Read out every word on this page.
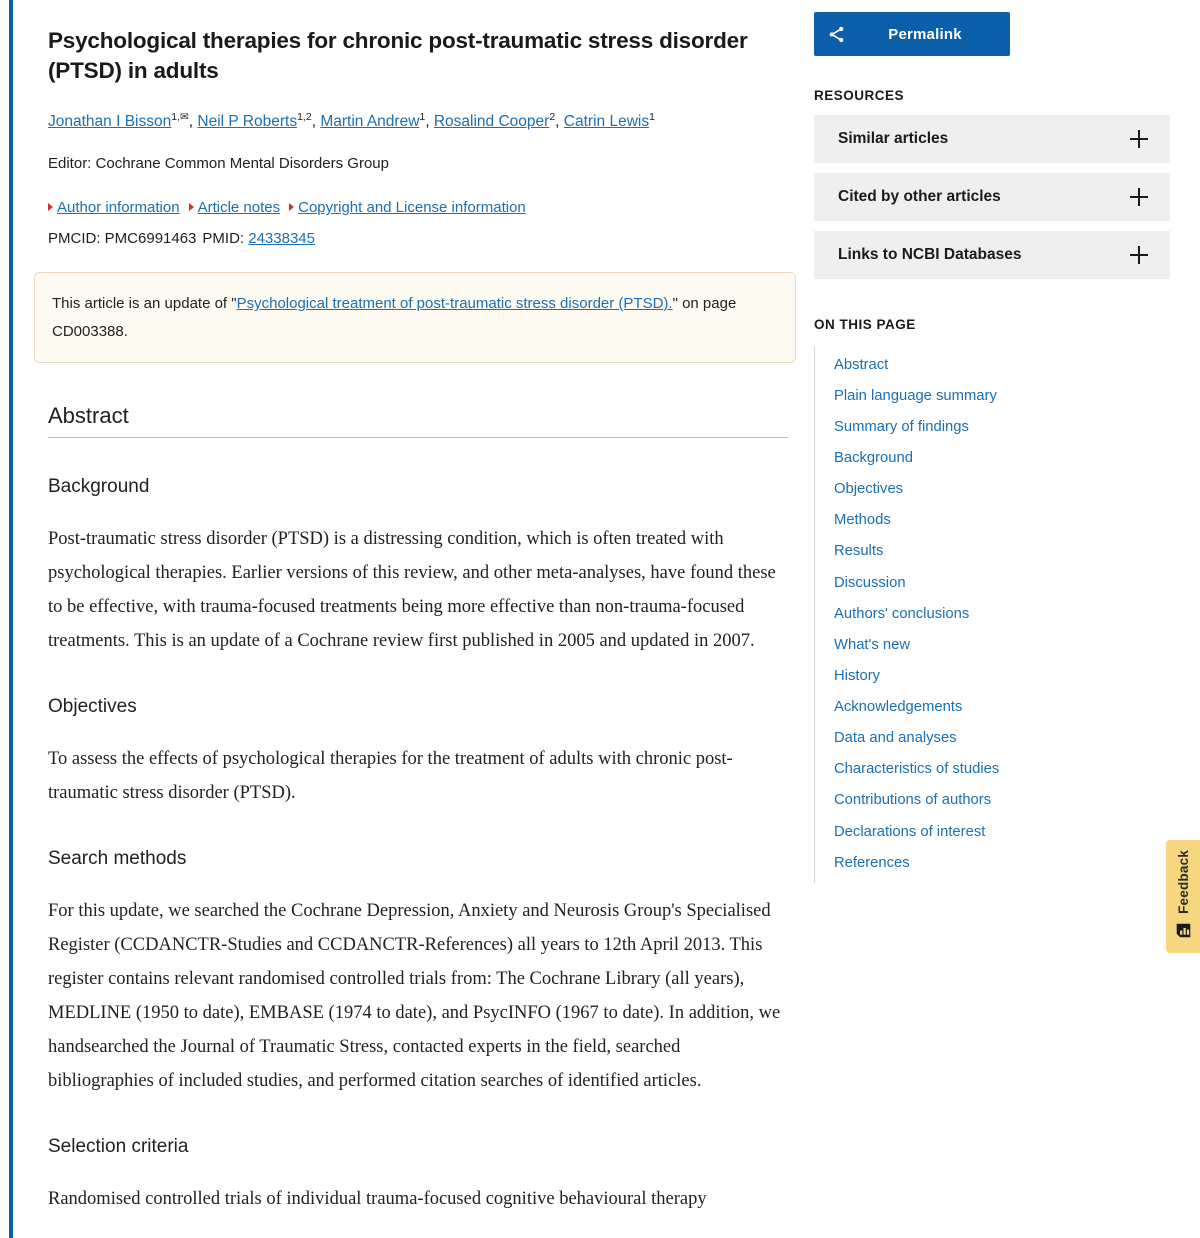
Psychological therapies for chronic post-traumatic stress disorder (PTSD) in adults
Jonathan I Bisson$^{1,✉}$, Neil P Roberts$^{1,2}$, Martin Andrew$^1$, Rosalind Cooper$^2$, Catrin Lewis$^1$
Editor: Cochrane Common Mental Disorders Group
Author information Article notes Copyright and License information
PMCID: PMC6991463 PMID: 24338345
This article is an update of "Psychological treatment of post-traumatic stress disorder (PTSD)." on page CD003388.
Abstract
Background

Post-traumatic stress disorder (PTSD) is a distressing condition, which is often treated with psychological therapies. Earlier versions of this review, and other meta-analyses, have found these to be effective, with trauma-focused treatments being more effective than non-trauma-focused treatments. This is an update of a Cochrane review first published in 2005 and updated in 2007.

Objectives

To assess the effects of psychological therapies for the treatment of adults with chronic post-traumatic stress disorder (PTSD).

Search methods

For this update, we searched the Cochrane Depression, Anxiety and Neurosis Group's Specialised Register (CCDANCTR-Studies and CCDANCTR-References) all years to 12th April 2013. This register contains relevant randomised controlled trials from: The Cochrane Library (all years), MEDLINE (1950 to date), EMBASE (1974 to date), and PsycINFO (1967 to date). In addition, we handsearched the Journal of Traumatic Stress, contacted experts in the field, searched bibliographies of included studies, and performed citation searches of identified articles.

Selection criteria

Randomised controlled trials of individual trauma-focused cognitive behavioural therapy

Permalink
RESOURCES
Similar articles
Cited by other articles
Links to NCBI Databases
ON THIS PAGE
Abstract
Plain language summary
Summary of findings
Background
Objectives
Methods
Results
Discussion
Authors' conclusions
What's new
History
Acknowledgements
Data and analyses
Characteristics of studies
Contributions of authors
Declarations of interest
References	Feedback
